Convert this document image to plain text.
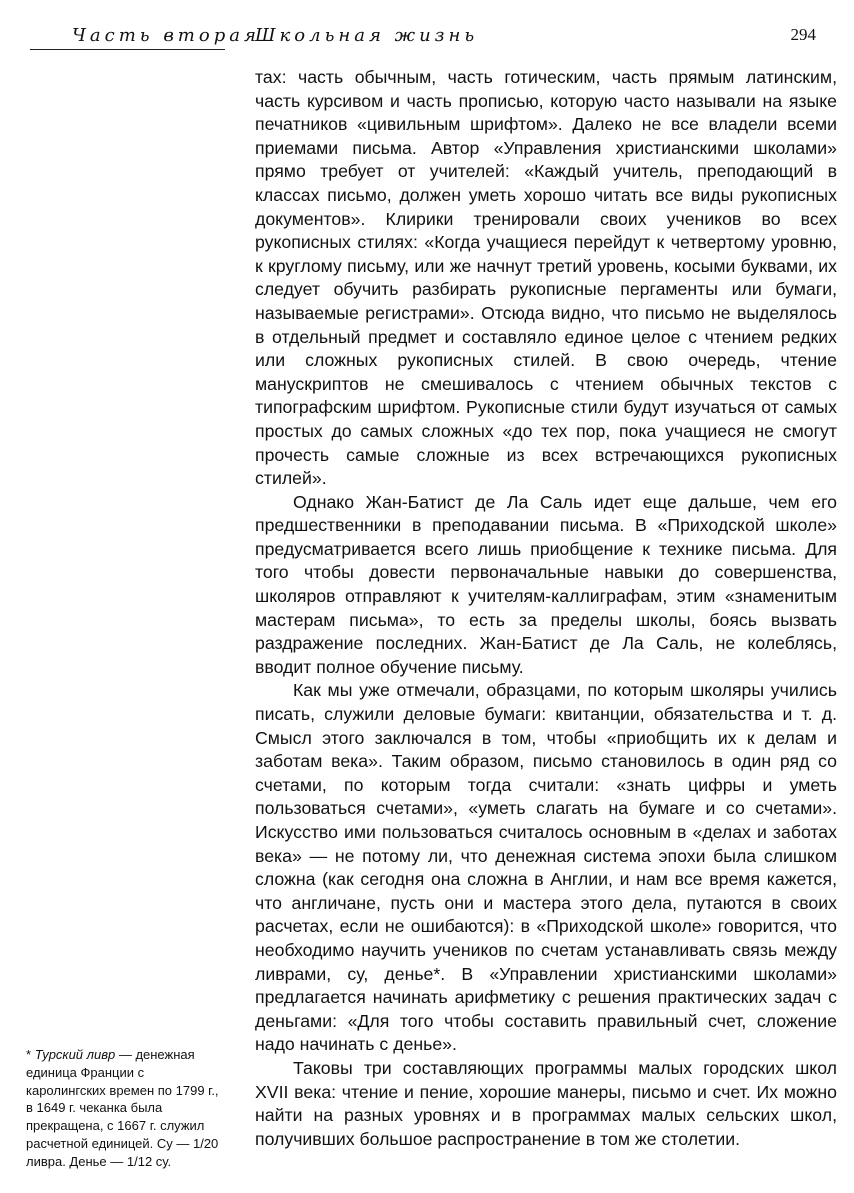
Часть вторая
Школьная жизнь	294

тах: часть обычным, часть готическим, часть прямым латинским, часть курсивом и часть прописью, которую часто называли на языке печатников «цивильным шрифтом». Далеко не все владели всеми приемами письма. Автор «Управления христианскими школами» прямо требует от учителей: «Каждый учитель, преподающий в классах письмо, должен уметь хорошо читать все виды рукописных документов». Клирики тренировали своих учеников во всех рукописных стилях: «Когда учащиеся перейдут к четвертому уровню, к круглому письму, или же начнут третий уровень, косыми буквами, их следует обучить разбирать рукописные пергаменты или бумаги, называемые регистрами». Отсюда видно, что письмо не выделялось в отдельный предмет и составляло единое целое с чтением редких или сложных рукописных стилей. В свою очередь, чтение манускриптов не смешивалось с чтением обычных текстов с типографским шрифтом. Рукописные стили будут изучаться от самых простых до самых сложных «до тех пор, пока учащиеся не смогут прочесть самые сложные из всех встречающихся рукописных стилей».

Однако Жан-Батист де Ла Саль идет еще дальше, чем его предшественники в преподавании письма. В «Приходской школе» предусматривается всего лишь приобщение к технике письма. Для того чтобы довести первоначальные навыки до совершенства, школяров отправляют к учителям-каллиграфам, этим «знаменитым мастерам письма», то есть за пределы школы, боясь вызвать раздражение последних. Жан-Батист де Ла Саль, не колеблясь, вводит полное обучение письму.

Как мы уже отмечали, образцами, по которым школяры учились писать, служили деловые бумаги: квитанции, обязательства и т. д. Смысл этого заключался в том, чтобы «приобщить их к делам и заботам века». Таким образом, письмо становилось в один ряд со счетами, по которым тогда считали: «знать цифры и уметь пользоваться счетами», «уметь слагать на бумаге и со счетами». Искусство ими пользоваться считалось основным в «делах и заботах века» — не потому ли, что денежная система эпохи была слишком сложна (как сегодня она сложна в Англии, и нам все время кажется, что англичане, пусть они и мастера этого дела, путаются в своих расчетах, если не ошибаются): в «Приходской школе» говорится, что необходимо научить учеников по счетам устанавливать связь между ливрами, су, денье*. В «Управлении христианскими школами» предлагается начинать арифметику с решения практических задач с деньгами: «Для того чтобы составить правильный счет, сложение надо начинать с денье».

Таковы три составляющих программы малых городских школ XVII века: чтение и пение, хорошие манеры, письмо и счет. Их можно найти на разных уровнях и в программах малых сельских школ, получивших большое распространение в том же столетии.

* Турский ливр — денежная единица Франции с каролингских времен по 1799 г., в 1649 г. чеканка была прекращена, с 1667 г. служил расчетной единицей. Су — 1/20 ливра. Денье — 1/12 су.
